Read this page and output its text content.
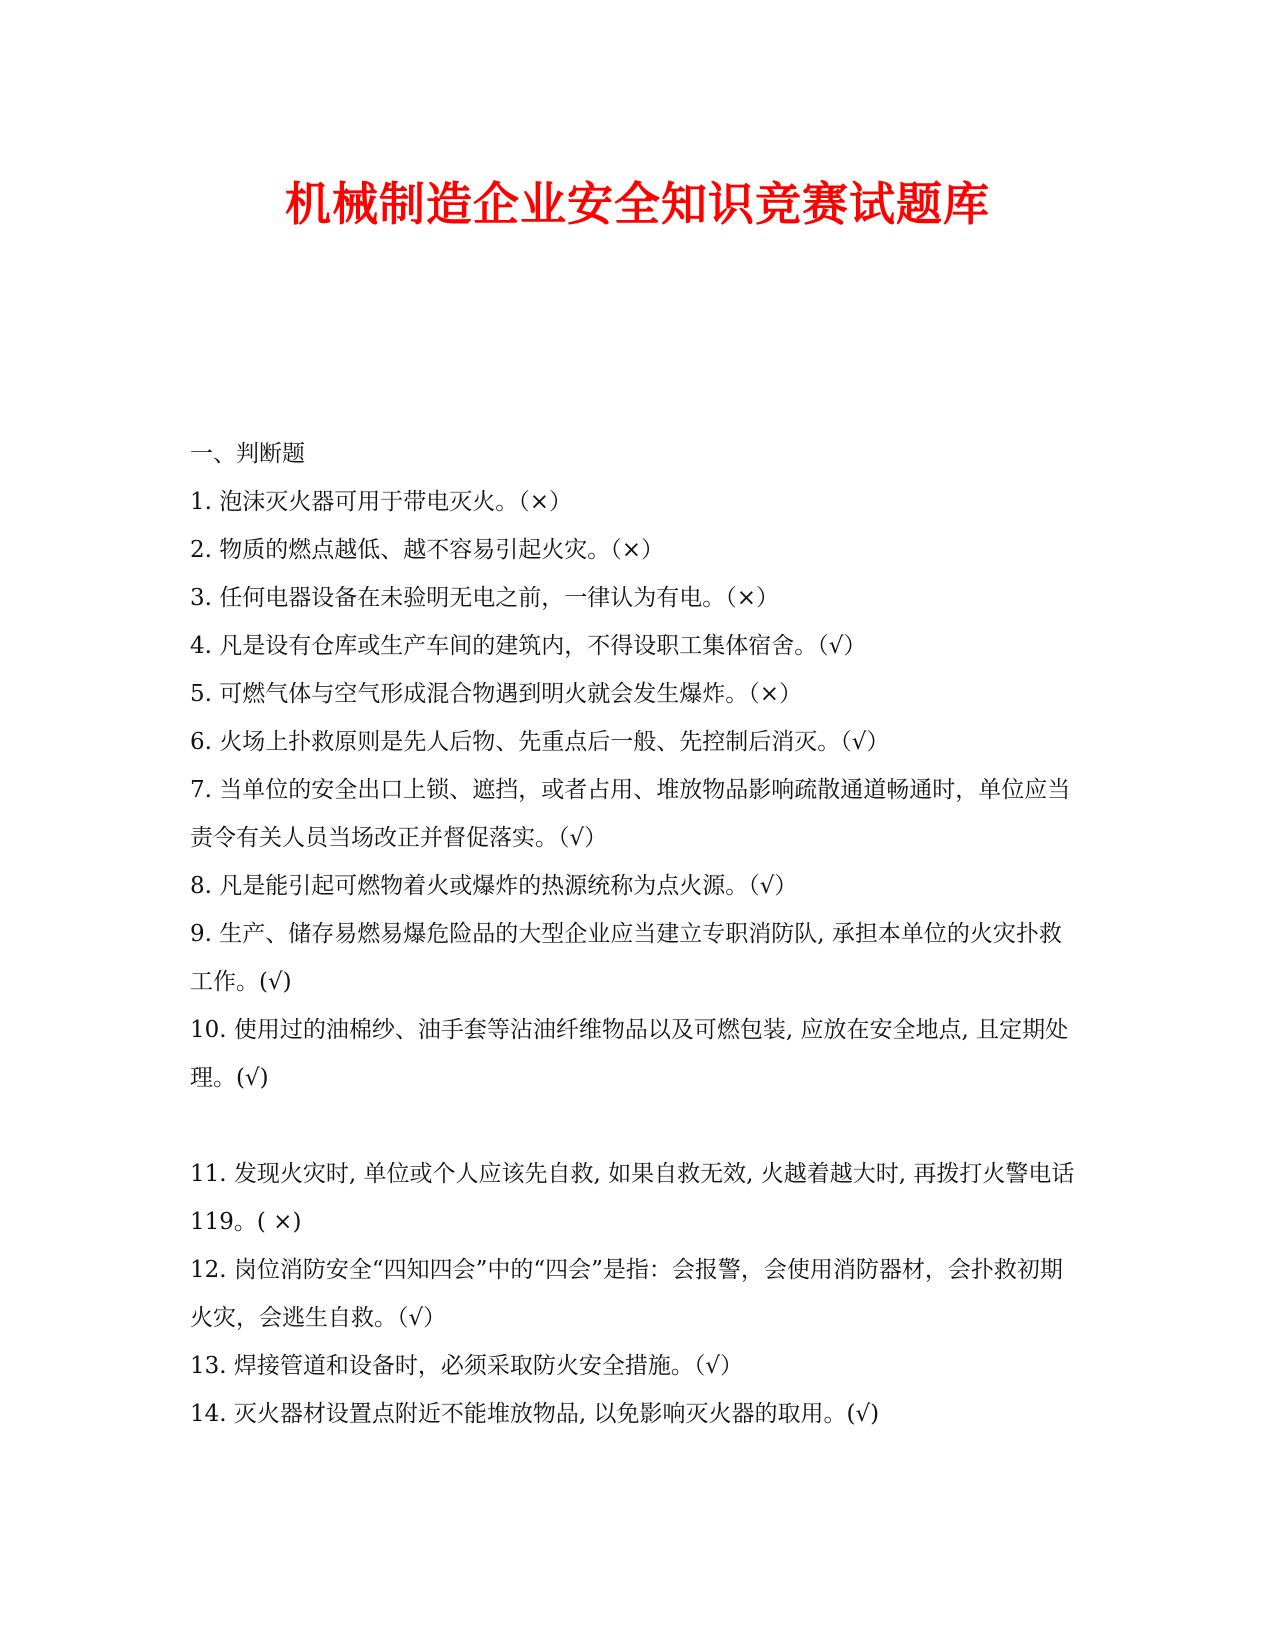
机械制造企业安全知识竞赛试题库

一、判断题

1. 泡沫灭火器可用于带电灭火。（×）

2. 物质的燃点越低、越不容易引起火灾。（×）

3. 任何电器设备在未验明无电之前，一律认为有电。（×）

4. 凡是设有仓库或生产车间的建筑内，不得设职工集体宿舍。（√）

5. 可燃气体与空气形成混合物遇到明火就会发生爆炸。（×）

6. 火场上扑救原则是先人后物、先重点后一般、先控制后消灭。（√）

7. 当单位的安全出口上锁、遮挡，或者占用、堆放物品影响疏散通道畅通时，单位应当责令有关人员当场改正并督促落实。（√）

8. 凡是能引起可燃物着火或爆炸的热源统称为点火源。（√）

9. 生产、储存易燃易爆危险品的大型企业应当建立专职消防队, 承担本单位的火灾扑救工作。(√)

10. 使用过的油棉纱、油手套等沾油纤维物品以及可燃包装, 应放在安全地点, 且定期处理。(√)

11. 发现火灾时, 单位或个人应该先自救, 如果自救无效, 火越着越大时, 再拨打火警电话119。( ×)

12. 岗位消防安全“四知四会”中的“四会”是指：会报警，会使用消防器材，会扑救初期火灾，会逃生自救。（√）

13. 焊接管道和设备时，必须采取防火安全措施。（√）

14. 灭火器材设置点附近不能堆放物品, 以免影响灭火器的取用。(√)
